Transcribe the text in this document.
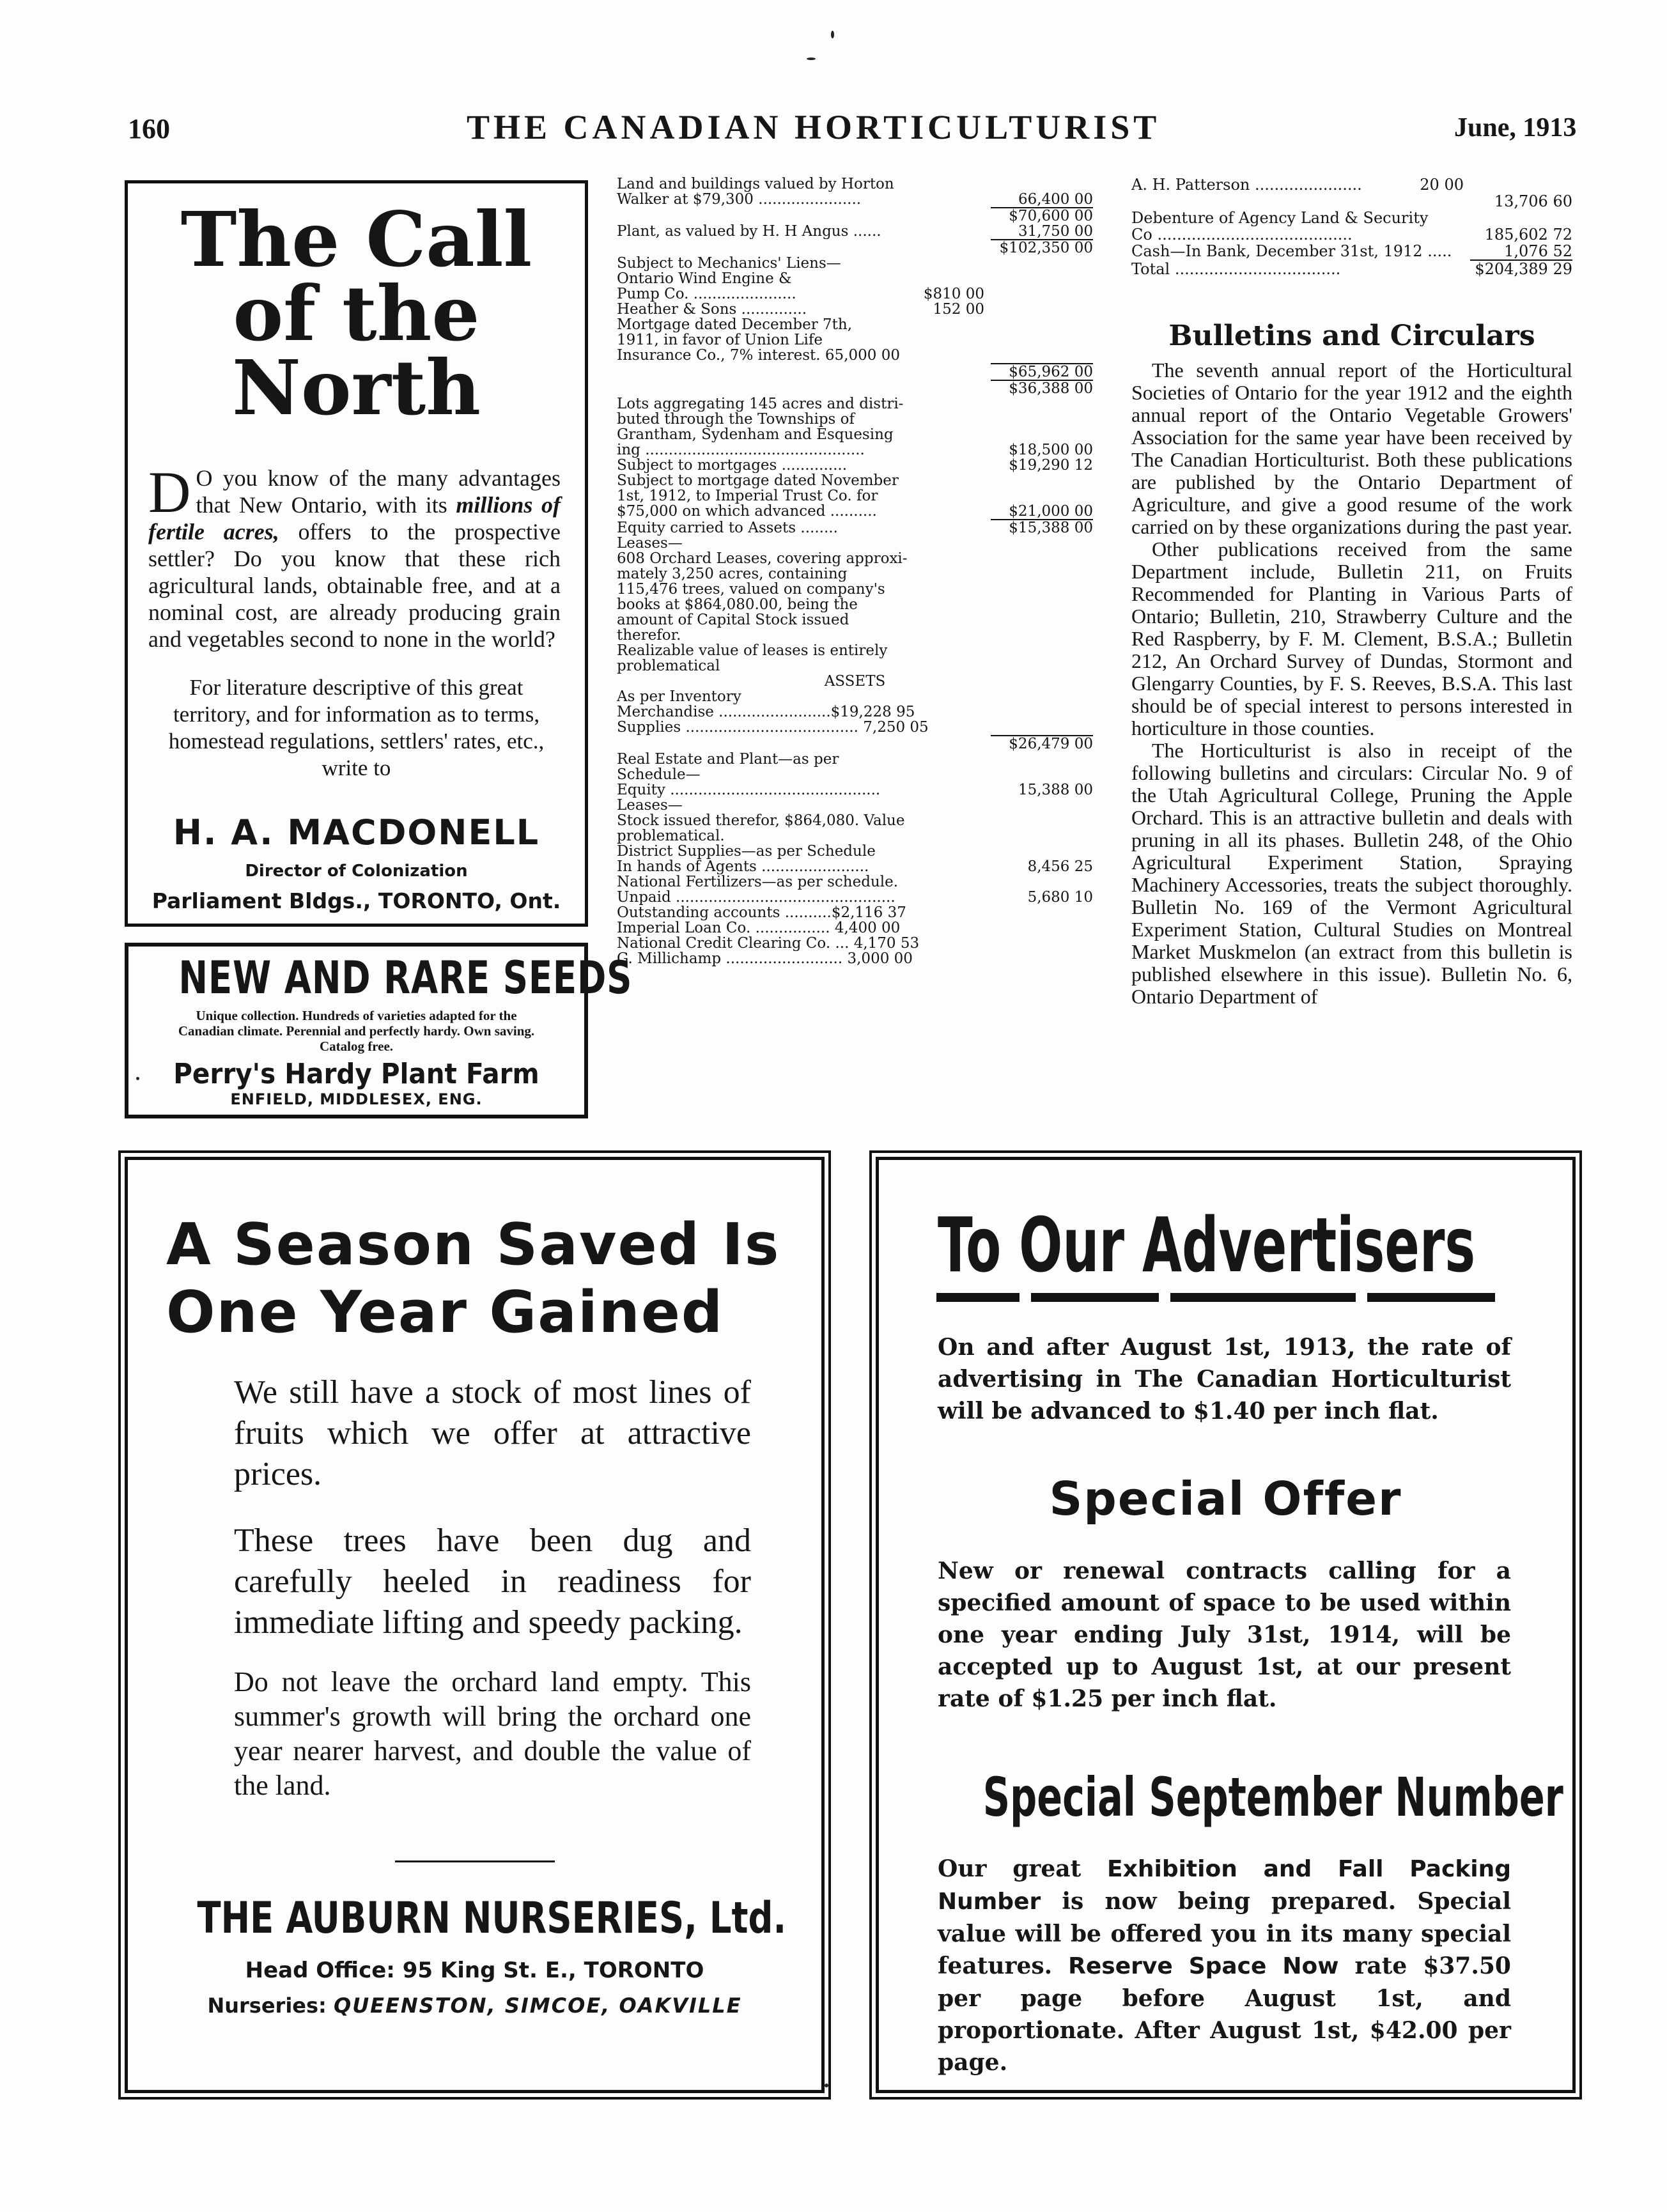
160	THE CANADIAN HORTICULTURIST	June, 1913
The Call
of the
North
D O you know of the many advantages that New Ontario, with its millions of fertile acres, offers to the prospective settler? Do you know that these rich agricultural lands, obtainable free, and at a nominal cost, are already producing grain and vegetables second to none in the world?
For literature descriptive of this great territory, and for information as to terms, homestead regulations, settlers' rates, etc., write to
H. A. MACDONELL
Director of Colonization
Parliament Bldgs., TORONTO, Ont.
NEW AND RARE SEEDS
Unique collection. Hundreds of varieties adapted for the Canadian climate. Perennial and perfectly hardy. Own saving. Catalog free.
Perry's Hardy Plant Farm
ENFIELD, MIDDLESEX, ENG.
Land and buildings valued by Horton
Walker at $79,300 ......................	66,400 00
$70,600 00
Plant, as valued by H. H Angus ......	31,750 00
$102,350 00
Subject to Mechanics' Liens—
Ontario Wind Engine &
Pump Co. ......................	$810 00
Heather & Sons ..............	152 00
Mortgage dated December 7th,
1911, in favor of Union Life
Insurance Co., 7% interest. 65,000 00
$65,962 00
$36,388 00
Lots aggregating 145 acres and distri-
buted through the Townships of
Grantham, Sydenham and Esquesing
ing ...............................................	$18,500 00
Subject to mortgages ..............	$19,290 12
Subject to mortgage dated November
1st, 1912, to Imperial Trust Co. for
$75,000 on which advanced ..........	$21,000 00
Equity carried to Assets ........	$15,388 00
Leases—
608 Orchard Leases, covering approxi-
mately 3,250 acres, containing
115,476 trees, valued on company's
books at $864,080.00, being the
amount of Capital Stock issued
therefor.
Realizable value of leases is entirely
problematical
ASSETS
As per Inventory
Merchandise ........................$19,228 95
Supplies ..................................... 7,250 05
$26,479 00
Real Estate and Plant—as per
Schedule—
Equity .............................................	15,388 00
Leases—
Stock issued therefor, $864,080. Value
problematical.
District Supplies—as per Schedule
In hands of Agents .......................	8,456 25
National Fertilizers—as per schedule.
Unpaid ...............................................	5,680 10
Outstanding accounts ..........$2,116 37
Imperial Loan Co. ................ 4,400 00
National Credit Clearing Co. ... 4,170 53
G. Millichamp ......................... 3,000 00
A. H. Patterson ......................	20 00
13,706 60
Debenture of Agency Land & Security
Co ........................................	185,602 72
Cash—In Bank, December 31st, 1912 .....	1,076 52
Total ..................................	$204,389 29
Bulletins and Circulars

The seventh annual report of the Horticultural Societies of Ontario for the year 1912 and the eighth annual report of the Ontario Vegetable Growers' Association for the same year have been received by The Canadian Horticulturist. Both these publications are published by the Ontario Department of Agriculture, and give a good resume of the work carried on by these organizations during the past year.

Other publications received from the same Department include, Bulletin 211, on Fruits Recommended for Planting in Various Parts of Ontario; Bulletin, 210, Strawberry Culture and the Red Raspberry, by F. M. Clement, B.S.A.; Bulletin 212, An Orchard Survey of Dundas, Stormont and Glengarry Counties, by F. S. Reeves, B.S.A. This last should be of special interest to persons interested in horticulture in those counties.

The Horticulturist is also in receipt of the following bulletins and circulars: Circular No. 9 of the Utah Agricultural College, Pruning the Apple Orchard. This is an attractive bulletin and deals with pruning in all its phases. Bulletin 248, of the Ohio Agricultural Experiment Station, Spraying Machinery Accessories, treats the subject thoroughly. Bulletin No. 169 of the Vermont Agricultural Experiment Station, Cultural Studies on Montreal Market Muskmelon (an extract from this bulletin is published elsewhere in this issue). Bulletin No. 6, Ontario Department of

A Season Saved Is
One Year Gained
We still have a stock of most lines of fruits which we offer at attractive prices.
These trees have been dug and carefully heeled in readiness for immediate lifting and speedy packing.
Do not leave the orchard land empty. This summer's growth will bring the orchard one year nearer harvest, and double the value of the land.
THE AUBURN NURSERIES, Ltd.
Head Office: 95 King St. E., TORONTO
Nurseries: QUEENSTON, SIMCOE, OAKVILLE
To Our Advertisers
On and after August 1st, 1913, the rate of advertising in The Canadian Horticulturist will be advanced to $1.40 per inch flat.
Special Offer
New or renewal contracts calling for a specified amount of space to be used within one year ending July 31st, 1914, will be accepted up to August 1st, at our present rate of $1.25 per inch flat.
Special September Number
Our great Exhibition and Fall Packing Number is now being prepared. Special value will be offered you in its many special features. Reserve Space Now rate $37.50 per page before August 1st, and proportionate. After August 1st, $42.00 per page.
